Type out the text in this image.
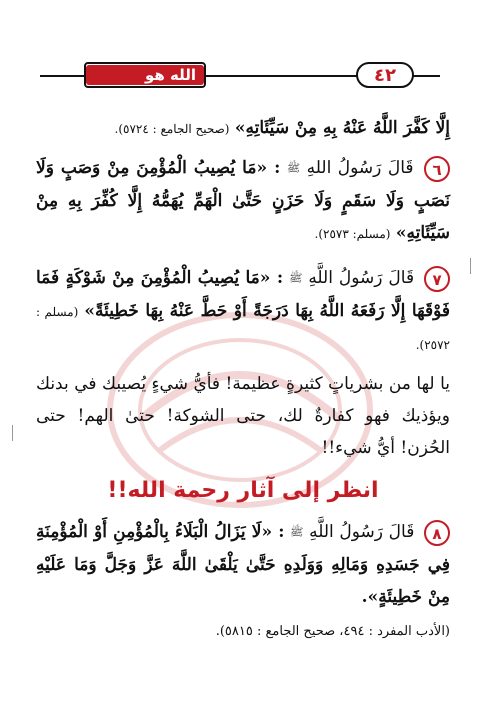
الله هو الطبيب
٤٢
إِلَّا كَفَّرَ اللَّهُ عَنْهُ بِهِ مِنْ سَيِّئَاتِهِ» (صحيح الجامع : ٥٧٢٤).
٦ قَالَ رَسُولُ اللهِ ﷺ : «مَا يُصِيبُ الْمُؤْمِنَ مِنْ وَصَبٍ وَلَا نَصَبٍ وَلَا سَقَمٍ وَلَا حَزَنٍ حَتَّىٰ الْهَمِّ يُهَمُّهُ إِلَّا كُفِّرَ بِهِ مِنْ سَيِّئَاتِهِ» (مسلم: ٢٥٧٣).
٧ قَالَ رَسُولُ اللَّهِ ﷺ : «مَا يُصِيبُ الْمُؤْمِنَ مِنْ شَوْكَةٍ فَمَا فَوْقَهَا إِلَّا رَفَعَهُ اللَّهُ بِهَا دَرَجَةً أَوْ حَطَّ عَنْهُ بِهَا خَطِيئَةً» (مسلم : ٢٥٧٢).
يا لها من بشرياتٍ كثيرةٍ عظيمة! فأيُّ شيءٍ يُصيبك في بدنك ويؤذيك فهو كفارةٌ لك، حتى الشوكة! حتىٰ الهم! حتى الحُزن! أيُّ شيء!!
انظر إلى آثار رحمة الله!!
٨ قَالَ رَسُولُ اللَّهِ ﷺ : «لَا يَزَالُ الْبَلَاءُ بِالْمُؤْمِنِ أَوْ الْمُؤْمِنَةِ فِي جَسَدِهِ وَمَالِهِ وَوَلَدِهِ حَتَّىٰ يَلْقَىٰ اللَّهَ عَزَّ وَجَلَّ وَمَا عَلَيْهِ مِنْ خَطِيئَةٍ».
(الأدب المفرد : ٤٩٤، صحيح الجامع : ٥٨١٥).
